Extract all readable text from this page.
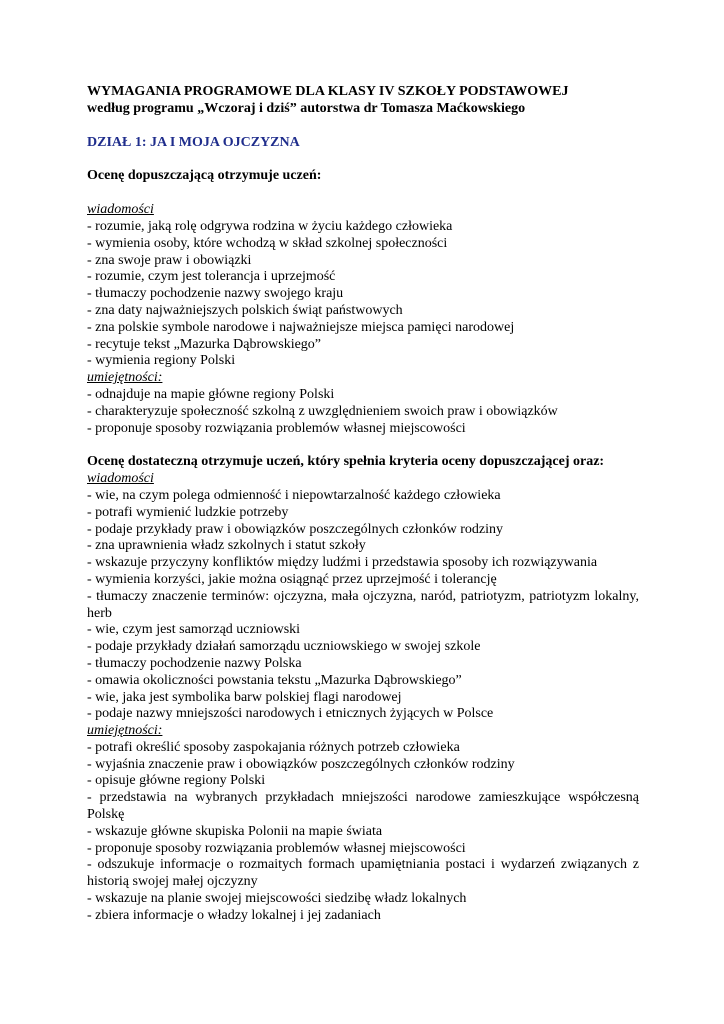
WYMAGANIA PROGRAMOWE DLA KLASY IV SZKOŁY PODSTAWOWEJ
według programu „Wczoraj i dziś” autorstwa dr Tomasza Maćkowskiego
DZIAŁ 1: JA I MOJA OJCZYZNA
Ocenę dopuszczającą otrzymuje uczeń:
wiadomości
- rozumie, jaką rolę odgrywa rodzina w życiu każdego człowieka
- wymienia osoby, które wchodzą w skład szkolnej społeczności
- zna swoje praw i obowiązki
- rozumie, czym jest tolerancja i uprzejmość
- tłumaczy pochodzenie nazwy swojego kraju
- zna daty najważniejszych polskich świąt państwowych
- zna polskie symbole narodowe i najważniejsze miejsca pamięci narodowej
- recytuje tekst „Mazurka Dąbrowskiego”
- wymienia regiony Polski
umiejętności:
- odnajduje na mapie główne regiony Polski
- charakteryzuje społeczność szkolną z uwzględnieniem swoich praw i obowiązków
- proponuje sposoby rozwiązania problemów własnej miejscowości
Ocenę dostateczną otrzymuje uczeń, który spełnia kryteria oceny dopuszczającej oraz:
wiadomości
- wie, na czym polega odmienność i niepowtarzalność każdego człowieka
- potrafi wymienić ludzkie potrzeby
- podaje przykłady praw i obowiązków poszczególnych członków rodziny
- zna uprawnienia władz szkolnych i statut szkoły
- wskazuje przyczyny konfliktów między ludźmi i przedstawia sposoby ich rozwiązywania
- wymienia korzyści, jakie można osiągnąć przez uprzejmość i tolerancję
- tłumaczy znaczenie terminów: ojczyzna, mała ojczyzna, naród, patriotyzm, patriotyzm lokalny, herb
- wie, czym jest samorząd uczniowski
- podaje przykłady działań samorządu uczniowskiego w swojej szkole
- tłumaczy pochodzenie nazwy Polska
- omawia okoliczności powstania tekstu „Mazurka Dąbrowskiego”
- wie, jaka jest symbolika barw polskiej flagi narodowej
- podaje nazwy mniejszości narodowych i etnicznych żyjących w Polsce
umiejętności:
- potrafi określić sposoby zaspokajania różnych potrzeb człowieka
- wyjaśnia znaczenie praw i obowiązków poszczególnych członków rodziny
- opisuje główne regiony Polski
- przedstawia na wybranych przykładach mniejszości narodowe zamieszkujące współczesną Polskę
- wskazuje główne skupiska Polonii na mapie świata
- proponuje sposoby rozwiązania problemów własnej miejscowości
- odszukuje informacje o rozmaitych formach upamiętniania postaci i wydarzeń związanych z historią swojej małej ojczyzny
- wskazuje na planie swojej miejscowości siedzibę władz lokalnych
- zbiera informacje o władzy lokalnej i jej zadaniach
